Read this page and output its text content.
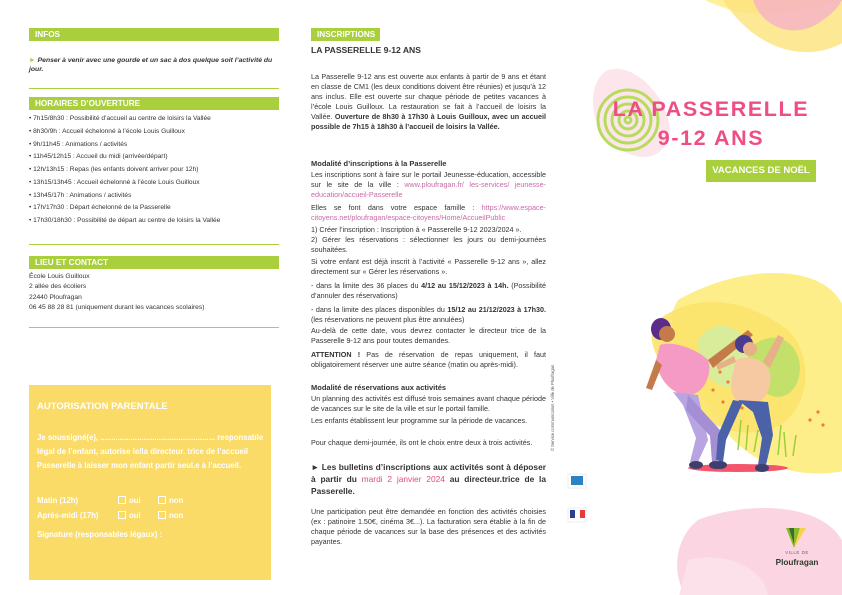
INFOS
► Penser à venir avec une gourde et un sac à dos quelque soit l’activité du jour.
HORAIRES D’OUVERTURE
• 7h15/8h30 : Possibilité d’accueil au centre de loisirs la Vallée
• 8h30/9h : Accueil échelonné à l’école Louis Guilloux
• 9h/11h45 : Animations / activités
• 11h45/12h15 : Accueil du midi (arrivée/départ)
• 12h/13h15 : Repas (les enfants doivent arriver pour 12h)
• 13h15/13h45 : Accueil échelonné à l’école Louis Guilloux
• 13h45/17h : Animations / activités
• 17h/17h30 : Départ échelonné de la Passerelle
• 17h30/18h30 : Possibilité de départ au centre de loisirs la Vallée
LIEU ET CONTACT
École Louis Guilloux
2 allée des écoliers
22440 Ploufragan
06 45 88 28 81 (uniquement durant les vacances scolaires)
AUTORISATION PARENTALE
Je soussigné(e), ..................................................... responsable légal de l’enfant, autorise le/la directeur. trice de l’accueil Passerelle à laisser mon enfant partir seul.e à l’accueil.
Matin (12h)	oui	non
Après-midi (17h)	oui	non
Signature (responsables légaux) :
INSCRIPTIONS
LA PASSERELLE 9-12 ANS
La Passerelle 9-12 ans est ouverte aux enfants à partir de 9 ans et étant en classe de CM1 (les deux conditions doivent être réunies) et jusqu’à 12 ans inclus. Elle est ouverte sur chaque période de petites vacances à l’école Louis Guilloux. La restauration se fait à l’accueil de loisirs la Vallée. Ouverture de 8h30 à 17h30 à Louis Guilloux, avec un accueil possible de 7h15 à 18h30 à l’accueil de loisirs la Vallée.
Modalité d’inscriptions à la Passerelle
Les inscriptions sont à faire sur le portail Jeunesse-éducation, accessible sur le site de la ville : www.ploufragan.fr/ les-services/ jeunesse-education/accueil-Passerelle
Elles se font dans votre espace famille : https://www.espace-citoyens.net/ploufragan/espace-citoyens/Home/AccueilPublic
1) Créer l’inscription : Inscription à « Passerelle 9-12 2023/2024 ».
2) Gérer les réservations : sélectionner les jours ou demi-journées souhaitées.
Si votre enfant est déjà inscrit à l’activité « Passerelle 9-12 ans », allez directement sur « Gérer les réservations ».
- dans la limite des 36 places du 4/12 au 15/12/2023 à 14h. (Possibilité d’annuler des réservations)
- dans la limite des places disponibles du 15/12 au 21/12/2023 à 17h30. (les réservations ne peuvent plus être annulées)
Au-delà de cette date, vous devrez contacter le directeur trice de la Passerelle 9-12 ans pour toutes demandes.
ATTENTION ! Pas de réservation de repas uniquement, il faut obligatoirement réserver une autre séance (matin ou après-midi).
Modalité de réservations aux activités
Un planning des activités est diffusé trois semaines avant chaque période de vacances sur le site de la ville et sur le portail famille.
Les enfants établissent leur programme sur la période de vacances.
Pour chaque demi-journée, ils ont le choix entre deux à trois activités.
► Les bulletins d’inscriptions aux activités sont à déposer à partir du mardi 2 janvier 2024 au directeur.trice de la Passerelle.
Une participation peut être demandée en fonction des activités choisies (ex : patinoire 1.50€, cinéma 3€...). La facturation sera établie à la fin de chaque période de vacances sur la base des présences et des activités payantes.
LA PASSERELLE
9-12 ANS
VACANCES DE NOËL
© Service communication • Ville de Ploufragan
VILLE DE
Ploufragan
